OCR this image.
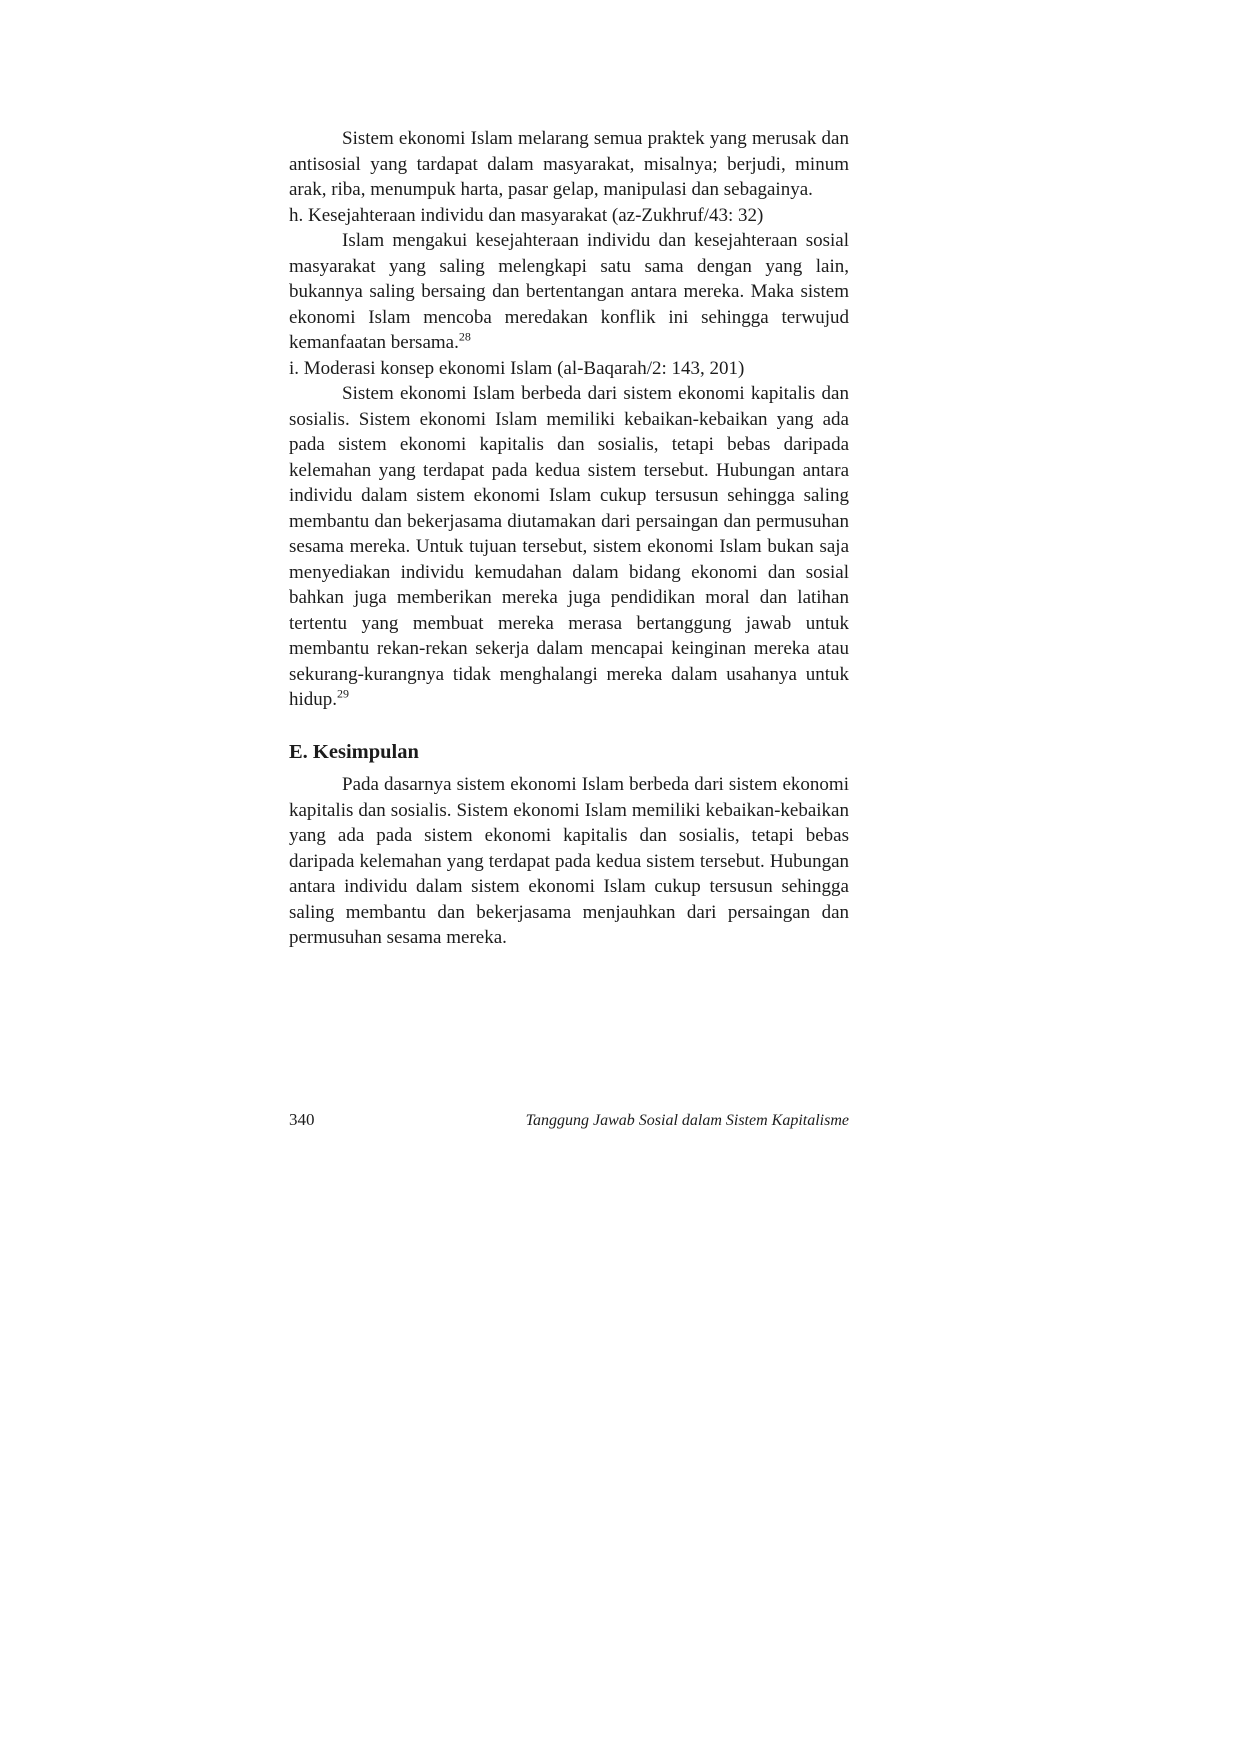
Sistem ekonomi Islam melarang semua praktek yang merusak dan antisosial yang tardapat dalam masyarakat, misalnya; berjudi, minum arak, riba, menumpuk harta, pasar gelap, manipulasi dan sebagainya.

h. Kesejahteraan individu dan masyarakat (az-Zukhruf/43: 32)

Islam mengakui kesejahteraan individu dan kesejahteraan sosial masyarakat yang saling melengkapi satu sama dengan yang lain, bukannya saling bersaing dan bertentangan antara mereka. Maka sistem ekonomi Islam mencoba meredakan konflik ini sehingga terwujud kemanfaatan bersama.$^{28}$

i. Moderasi konsep ekonomi Islam (al-Baqarah/2: 143, 201)

Sistem ekonomi Islam berbeda dari sistem ekonomi kapitalis dan sosialis. Sistem ekonomi Islam memiliki kebaikan-kebaikan yang ada pada sistem ekonomi kapitalis dan sosialis, tetapi bebas daripada kelemahan yang terdapat pada kedua sistem tersebut. Hubungan antara individu dalam sistem ekonomi Islam cukup tersusun sehingga saling membantu dan bekerjasama diutamakan dari persaingan dan permusuhan sesama mereka. Untuk tujuan tersebut, sistem ekonomi Islam bukan saja menyediakan individu kemudahan dalam bidang ekonomi dan sosial bahkan juga memberikan mereka juga pendidikan moral dan latihan tertentu yang membuat mereka merasa bertanggung jawab untuk membantu rekan-rekan sekerja dalam mencapai keinginan mereka atau sekurang-kurangnya tidak menghalangi mereka dalam usahanya untuk hidup.$^{29}$

E. Kesimpulan

Pada dasarnya sistem ekonomi Islam berbeda dari sistem ekonomi kapitalis dan sosialis. Sistem ekonomi Islam memiliki kebaikan-kebaikan yang ada pada sistem ekonomi kapitalis dan sosialis, tetapi bebas daripada kelemahan yang terdapat pada kedua sistem tersebut. Hubungan antara individu dalam sistem ekonomi Islam cukup tersusun sehingga saling membantu dan bekerjasama menjauhkan dari persaingan dan permusuhan sesama mereka.

340	Tanggung Jawab Sosial dalam Sistem Kapitalisme
